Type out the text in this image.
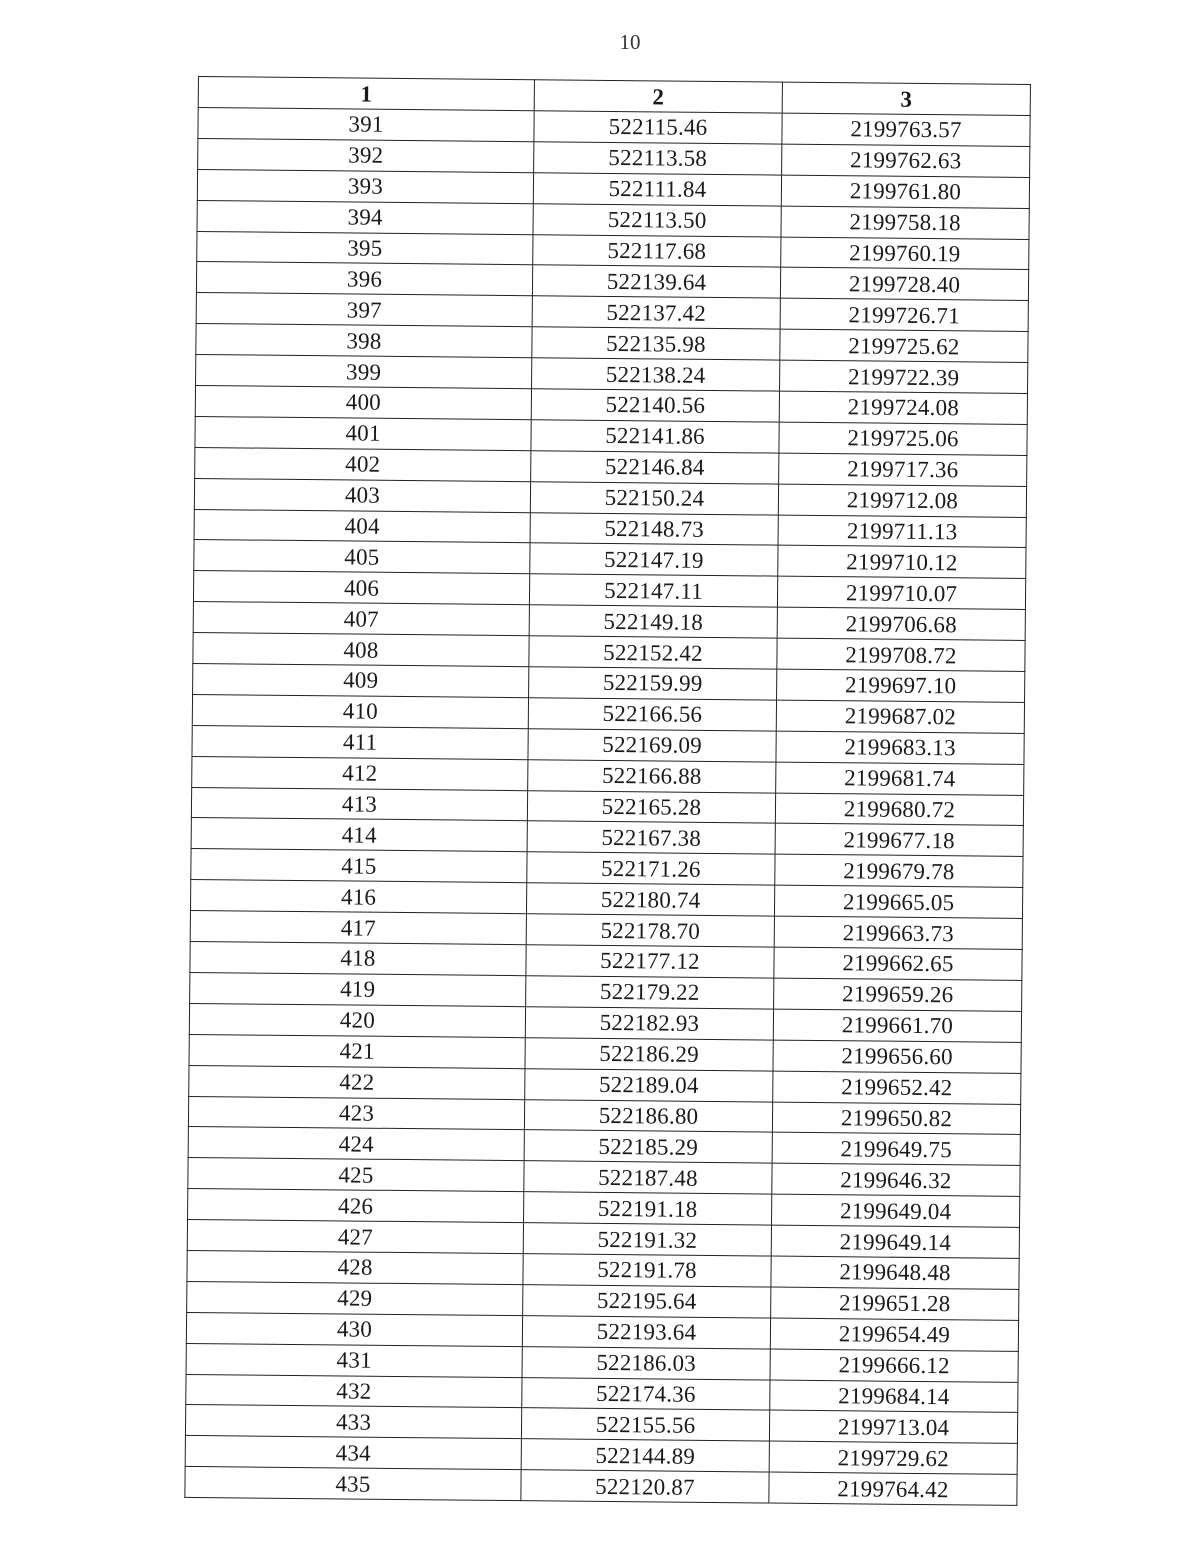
10
1	2	3
391	522115.46	2199763.57
392	522113.58	2199762.63
393	522111.84	2199761.80
394	522113.50	2199758.18
395	522117.68	2199760.19
396	522139.64	2199728.40
397	522137.42	2199726.71
398	522135.98	2199725.62
399	522138.24	2199722.39
400	522140.56	2199724.08
401	522141.86	2199725.06
402	522146.84	2199717.36
403	522150.24	2199712.08
404	522148.73	2199711.13
405	522147.19	2199710.12
406	522147.11	2199710.07
407	522149.18	2199706.68
408	522152.42	2199708.72
409	522159.99	2199697.10
410	522166.56	2199687.02
411	522169.09	2199683.13
412	522166.88	2199681.74
413	522165.28	2199680.72
414	522167.38	2199677.18
415	522171.26	2199679.78
416	522180.74	2199665.05
417	522178.70	2199663.73
418	522177.12	2199662.65
419	522179.22	2199659.26
420	522182.93	2199661.70
421	522186.29	2199656.60
422	522189.04	2199652.42
423	522186.80	2199650.82
424	522185.29	2199649.75
425	522187.48	2199646.32
426	522191.18	2199649.04
427	522191.32	2199649.14
428	522191.78	2199648.48
429	522195.64	2199651.28
430	522193.64	2199654.49
431	522186.03	2199666.12
432	522174.36	2199684.14
433	522155.56	2199713.04
434	522144.89	2199729.62
435	522120.87	2199764.42
